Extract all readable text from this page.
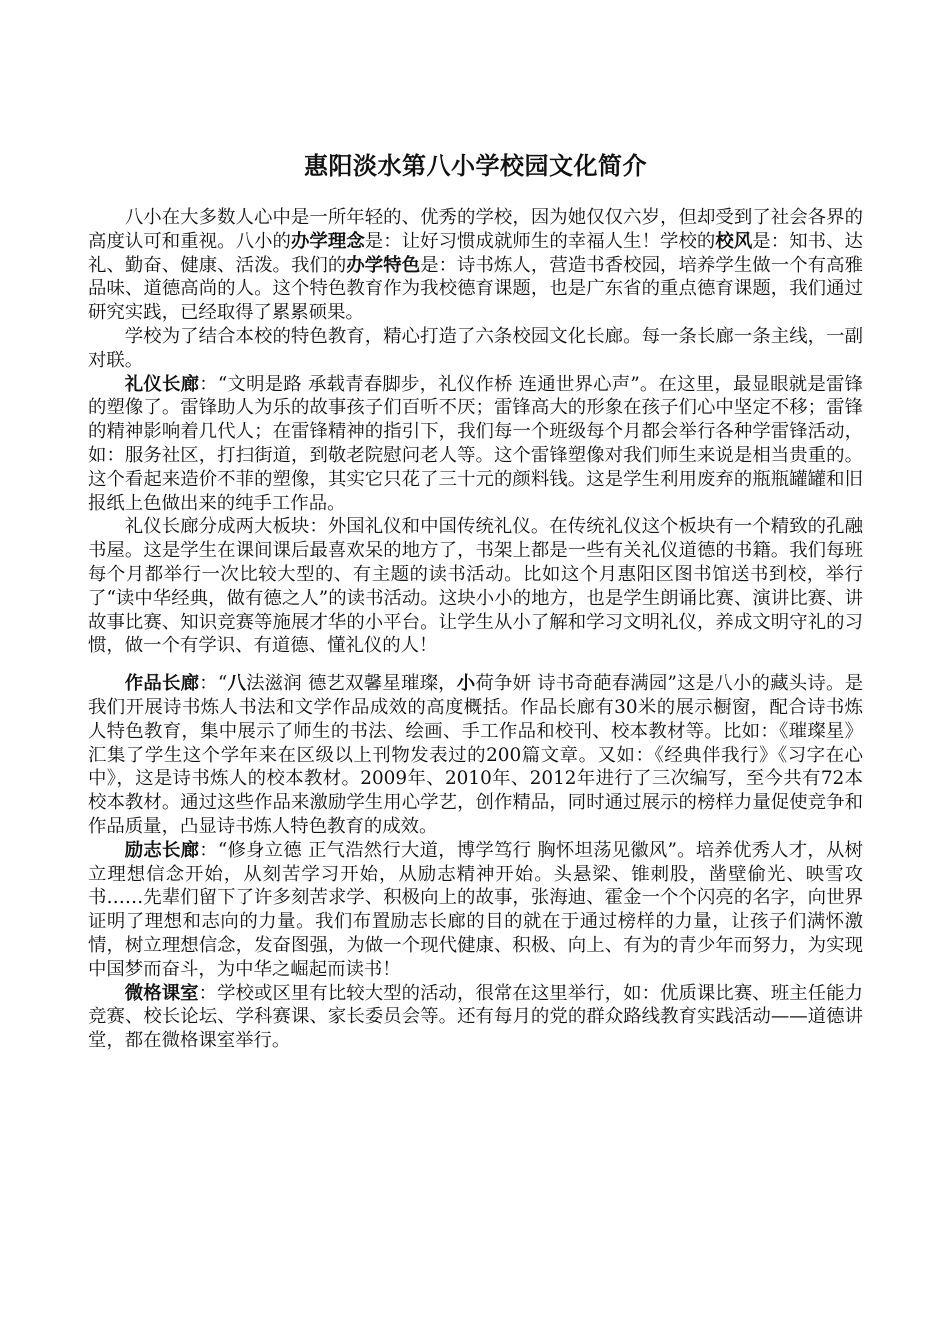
惠阳淡水第八小学校园文化简介

八小在大多数人心中是一所年轻的、优秀的学校，因为她仅仅六岁，但却受到了社会各界的高度认可和重视。八小的办学理念是：让好习惯成就师生的幸福人生！学校的校风是：知书、达礼、勤奋、健康、活泼。我们的办学特色是：诗书炼人，营造书香校园，培养学生做一个有高雅品味、道德高尚的人。这个特色教育作为我校德育课题，也是广东省的重点德育课题，我们通过研究实践，已经取得了累累硕果。

学校为了结合本校的特色教育，精心打造了六条校园文化长廊。每一条长廊一条主线，一副对联。

礼仪长廊：“文明是路 承载青春脚步，礼仪作桥 连通世界心声”。在这里，最显眼就是雷锋的塑像了。雷锋助人为乐的故事孩子们百听不厌；雷锋高大的形象在孩子们心中坚定不移；雷锋的精神影响着几代人；在雷锋精神的指引下，我们每一个班级每个月都会举行各种学雷锋活动，如：服务社区，打扫街道，到敬老院慰问老人等。这个雷锋塑像对我们师生来说是相当贵重的。这个看起来造价不菲的塑像，其实它只花了三十元的颜料钱。这是学生利用废弃的瓶瓶罐罐和旧报纸上色做出来的纯手工作品。

礼仪长廊分成两大板块：外国礼仪和中国传统礼仪。在传统礼仪这个板块有一个精致的孔融书屋。这是学生在课间课后最喜欢呆的地方了，书架上都是一些有关礼仪道德的书籍。我们每班每个月都举行一次比较大型的、有主题的读书活动。比如这个月惠阳区图书馆送书到校，举行了“读中华经典，做有德之人”的读书活动。这块小小的地方，也是学生朗诵比赛、演讲比赛、讲故事比赛、知识竞赛等施展才华的小平台。让学生从小了解和学习文明礼仪，养成文明守礼的习惯，做一个有学识、有道德、懂礼仪的人！

作品长廊：“八法滋润 德艺双馨星璀璨，小荷争妍 诗书奇葩春满园”这是八小的藏头诗。是我们开展诗书炼人书法和文学作品成效的高度概括。作品长廊有30米的展示橱窗，配合诗书炼人特色教育，集中展示了师生的书法、绘画、手工作品和校刊、校本教材等。比如：《璀璨星》汇集了学生这个学年来在区级以上刊物发表过的200篇文章。又如：《经典伴我行》《习字在心中》，这是诗书炼人的校本教材。2009年、2010年、2012年进行了三次编写，至今共有72本校本教材。通过这些作品来激励学生用心学艺，创作精品，同时通过展示的榜样力量促使竞争和作品质量，凸显诗书炼人特色教育的成效。

励志长廊：“修身立德 正气浩然行大道，博学笃行 胸怀坦荡见徽风”。培养优秀人才，从树立理想信念开始，从刻苦学习开始，从励志精神开始。头悬梁、锥刺股，凿壁偷光、映雪攻书……先辈们留下了许多刻苦求学、积极向上的故事，张海迪、霍金一个个闪亮的名字，向世界证明了理想和志向的力量。我们布置励志长廊的目的就在于通过榜样的力量，让孩子们满怀激情，树立理想信念，发奋图强，为做一个现代健康、积极、向上、有为的青少年而努力，为实现中国梦而奋斗，为中华之崛起而读书！

微格课室：学校或区里有比较大型的活动，很常在这里举行，如：优质课比赛、班主任能力竞赛、校长论坛、学科赛课、家长委员会等。还有每月的党的群众路线教育实践活动——道德讲堂，都在微格课室举行。
